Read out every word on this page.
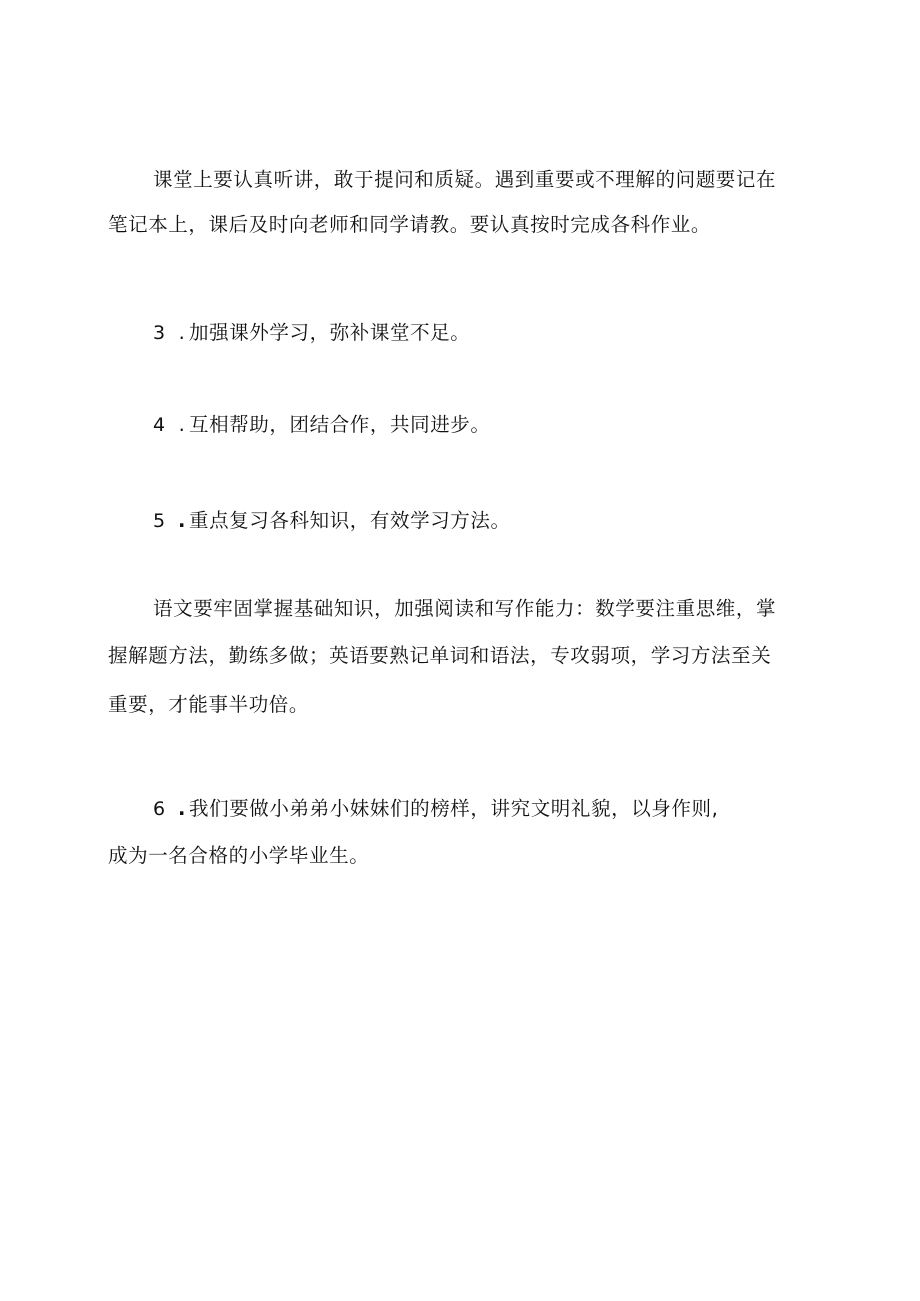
课堂上要认真听讲，敢于提问和质疑。遇到重要或不理解的问题要记在
笔记本上，课后及时向老师和同学请教。要认真按时完成各科作业。
3 . 加强课外学习，弥补课堂不足。
4 . 互相帮助，团结合作，共同进步。
5 . 重点复习各科知识，有效学习方法。
语文要牢固掌握基础知识，加强阅读和写作能力：数学要注重思维，掌
握解题方法，勤练多做；英语要熟记单词和语法，专攻弱项，学习方法至关
重要，才能事半功倍。
6 . 我们要做小弟弟小妹妹们的榜样，讲究文明礼貌，以身作则,
成为一名合格的小学毕业生。
